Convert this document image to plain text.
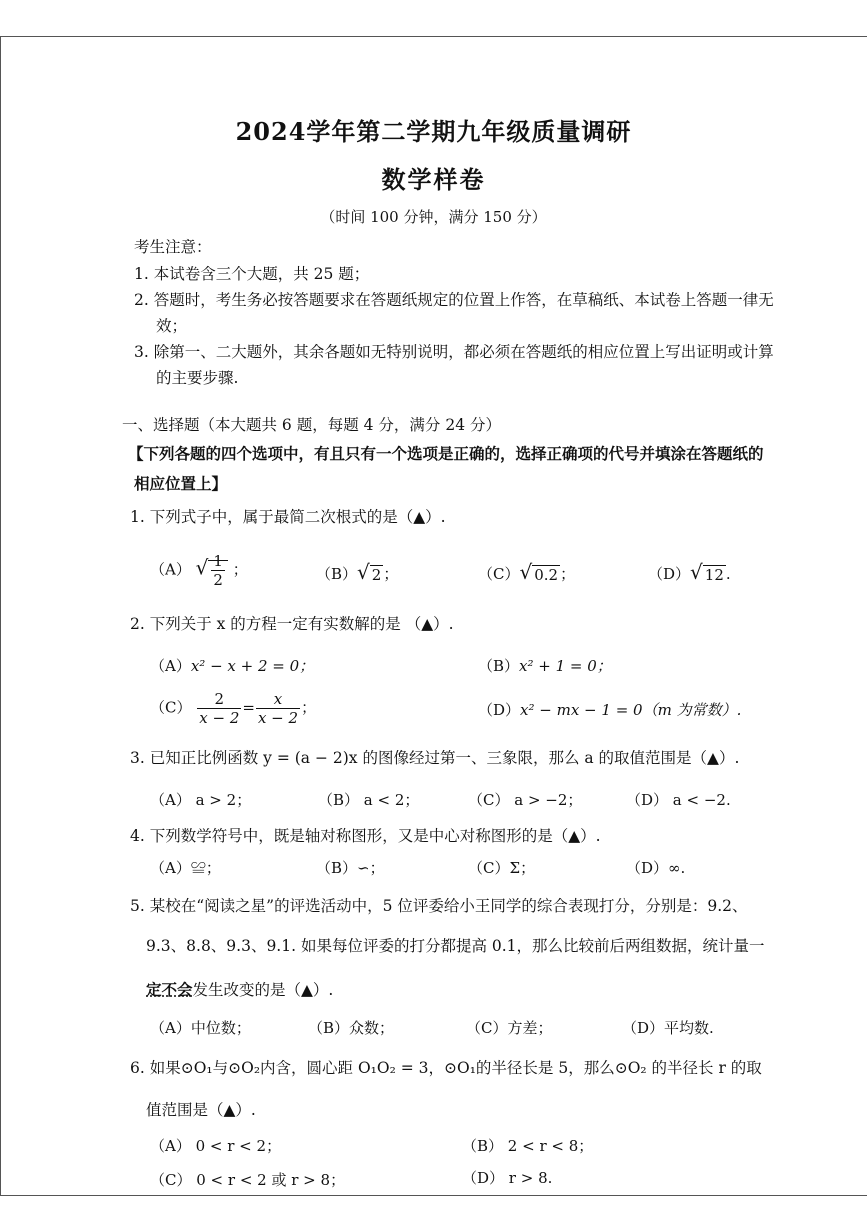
2024学年第二学期九年级质量调研
数学样卷
（时间 100 分钟，满分 150 分）
考生注意：
1. 本试卷含三个大题，共 25 题；
2. 答题时，考生务必按答题要求在答题纸规定的位置上作答，在草稿纸、本试卷上答题一律无
效；
3. 除第一、二大题外，其余各题如无特别说明，都必须在答题纸的相应位置上写出证明或计算
的主要步骤.
一、选择题（本大题共 6 题，每题 4 分，满分 24 分）
【下列各题的四个选项中，有且只有一个选项是正确的，选择正确项的代号并填涂在答题纸的
相应位置上】
1. 下列式子中，属于最简二次根式的是（▲）.
（A） √ $\frac{1}{2}$ ；	（B）√ 2 ；	（C）√ 0.2 ；	（D）√ 12 .
2. 下列关于 x 的方程一定有实数解的是 （▲）.
（A）x² − x + 2 = 0；	（B）x² + 1 = 0；
$(C) \frac{2}{x - 2} = \frac{x}{x - 2}$ ；	（D）x² − mx − 1 = 0（m 为常数）.
3. 已知正比例函数 y = (a − 2)x 的图像经过第一、三象限，那么 a 的取值范围是（▲）.
（A） a > 2；	（B） a < 2；	（C） a > −2；	（D） a < −2.
4. 下列数学符号中，既是轴对称图形，又是中心对称图形的是（▲）.
（A）≌；	（B）∽；	（C）Σ；	（D）∞.
5. 某校在“阅读之星”的评选活动中，5 位评委给小王同学的综合表现打分，分别是：9.2、
9.3、8.8、9.3、9.1. 如果每位评委的打分都提高 0.1，那么比较前后两组数据，统计量一
定不会发生改变的是（▲）.
（A）中位数；	（B）众数；	（C）方差；	（D）平均数.
6. 如果⊙O₁与⊙O₂内含，圆心距 O₁O₂ = 3，⊙O₁的半径长是 5，那么⊙O₂ 的半径长 r 的取
值范围是（▲）.
（A） 0 < r < 2；	（B） 2 < r < 8；
（C） 0 < r < 2 或 r > 8；	（D） r > 8.
